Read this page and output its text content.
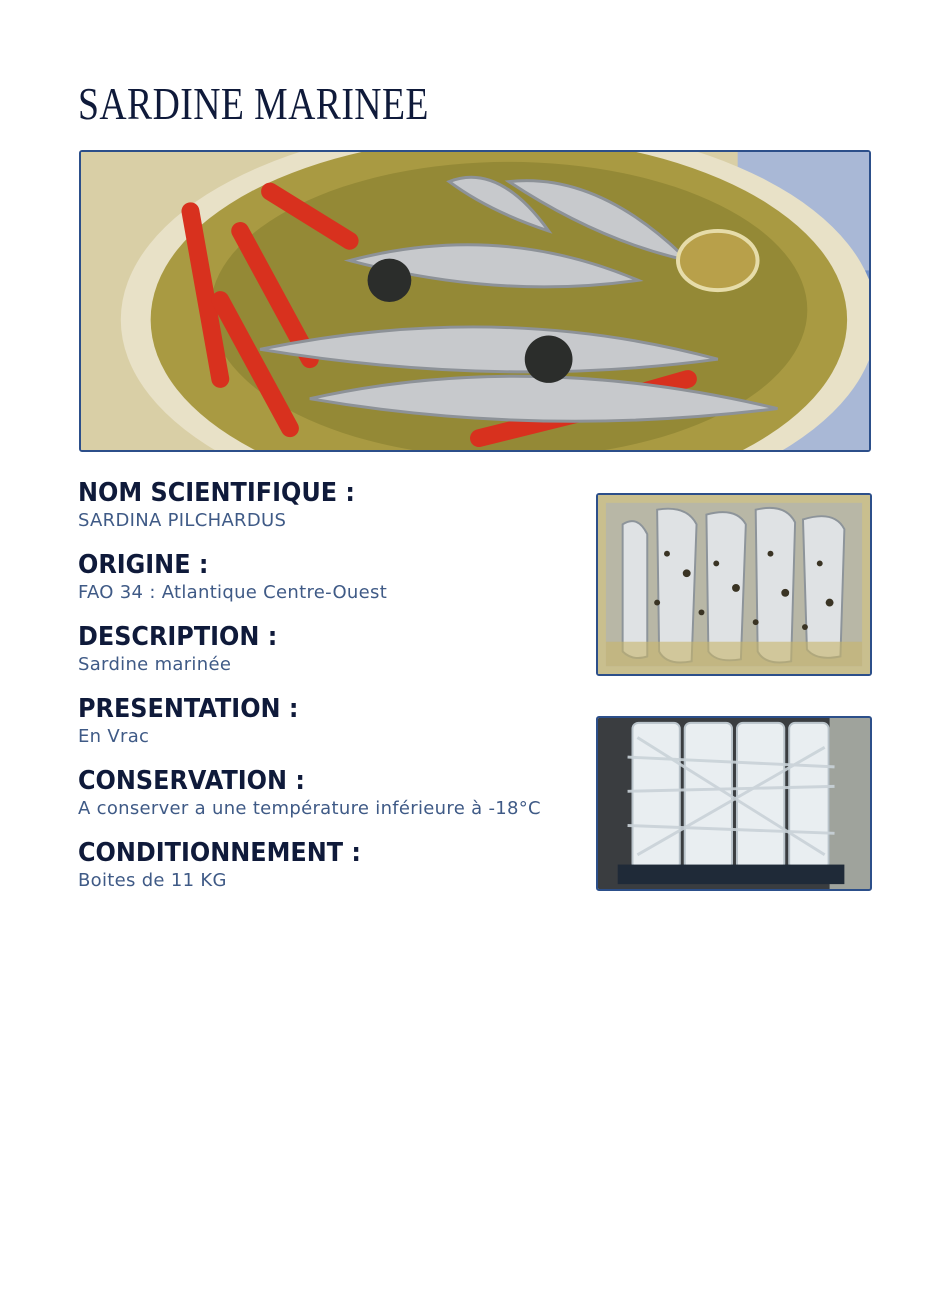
SARDINE MARINEE
NOM SCIENTIFIQUE :
SARDINA PILCHARDUS
ORIGINE :
FAO 34 : Atlantique Centre-Ouest
DESCRIPTION :
Sardine marinée
PRESENTATION :
En Vrac
CONSERVATION :
A conserver a une température inférieure à -18°C
CONDITIONNEMENT :
Boites de 11 KG
